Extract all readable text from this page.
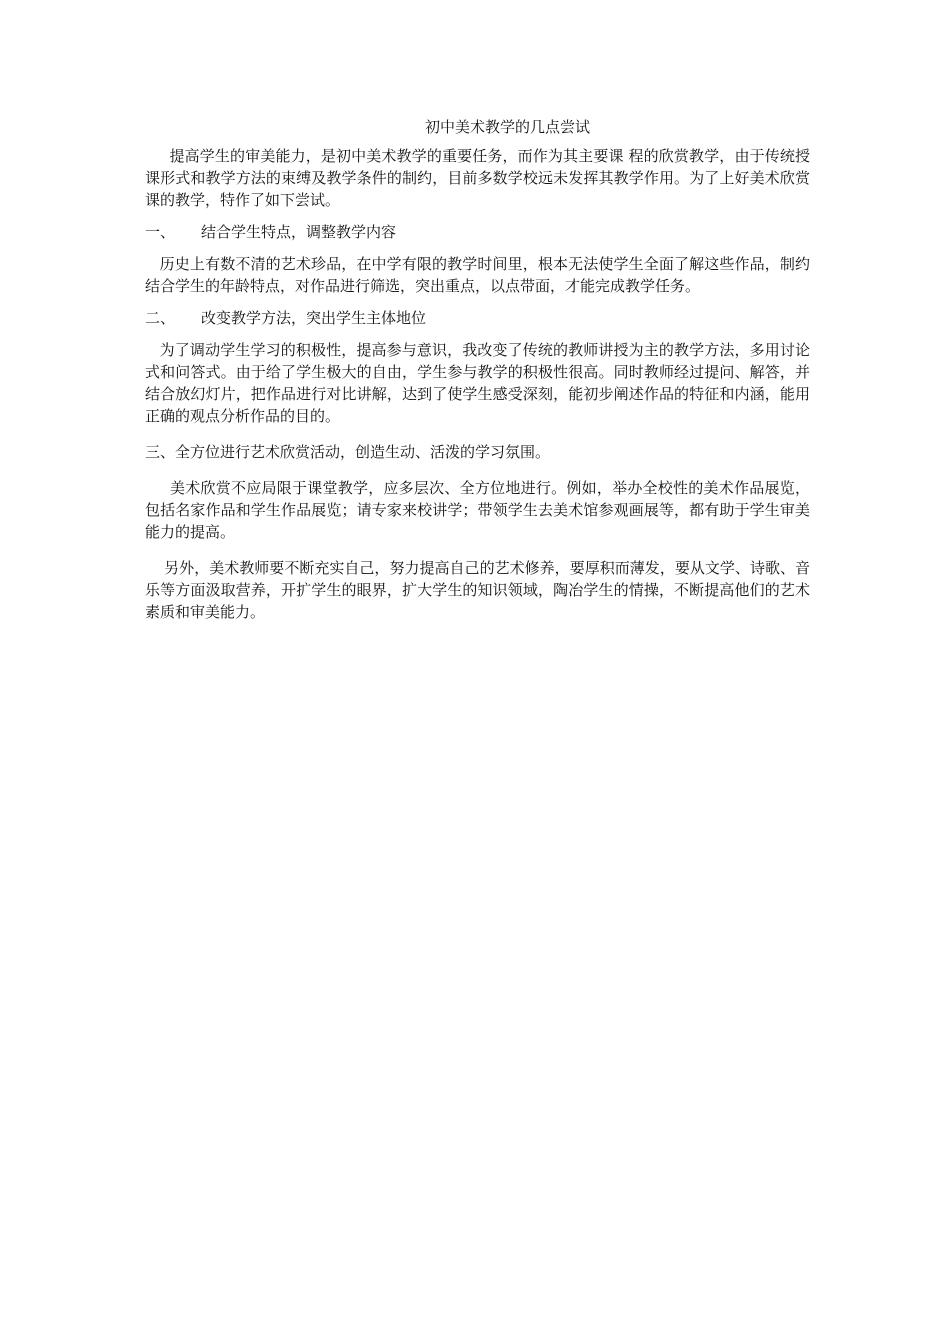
初中美术教学的几点尝试

提高学生的审美能力，是初中美术教学的重要任务，而作为其主要课 程的欣赏教学，由于传统授课形式和教学方法的束缚及教学条件的制约，目前多数学校远未发挥其教学作用。为了上好美术欣赏课的教学，特作了如下尝试。

一、	结合学生特点，调整教学内容

历史上有数不清的艺术珍品，在中学有限的教学时间里，根本无法使学生全面了解这些作品，制约结合学生的年龄特点，对作品进行筛选，突出重点，以点带面，才能完成教学任务。

二、	改变教学方法，突出学生主体地位

为了调动学生学习的积极性，提高参与意识，我改变了传统的教师讲授为主的教学方法，多用讨论式和问答式。由于给了学生极大的自由，学生参与教学的积极性很高。同时教师经过提问、解答，并结合放幻灯片，把作品进行对比讲解，达到了使学生感受深刻，能初步阐述作品的特征和内涵，能用正确的观点分析作品的目的。

三、全方位进行艺术欣赏活动，创造生动、活泼的学习氛围。

美术欣赏不应局限于课堂教学，应多层次、全方位地进行。例如，举办全校性的美术作品展览，包括名家作品和学生作品展览；请专家来校讲学；带领学生去美术馆参观画展等，都有助于学生审美能力的提高。

另外，美术教师要不断充实自己，努力提高自己的艺术修养，要厚积而薄发，要从文学、诗歌、音乐等方面汲取营养，开扩学生的眼界，扩大学生的知识领域，陶冶学生的情操，不断提高他们的艺术素质和审美能力。
